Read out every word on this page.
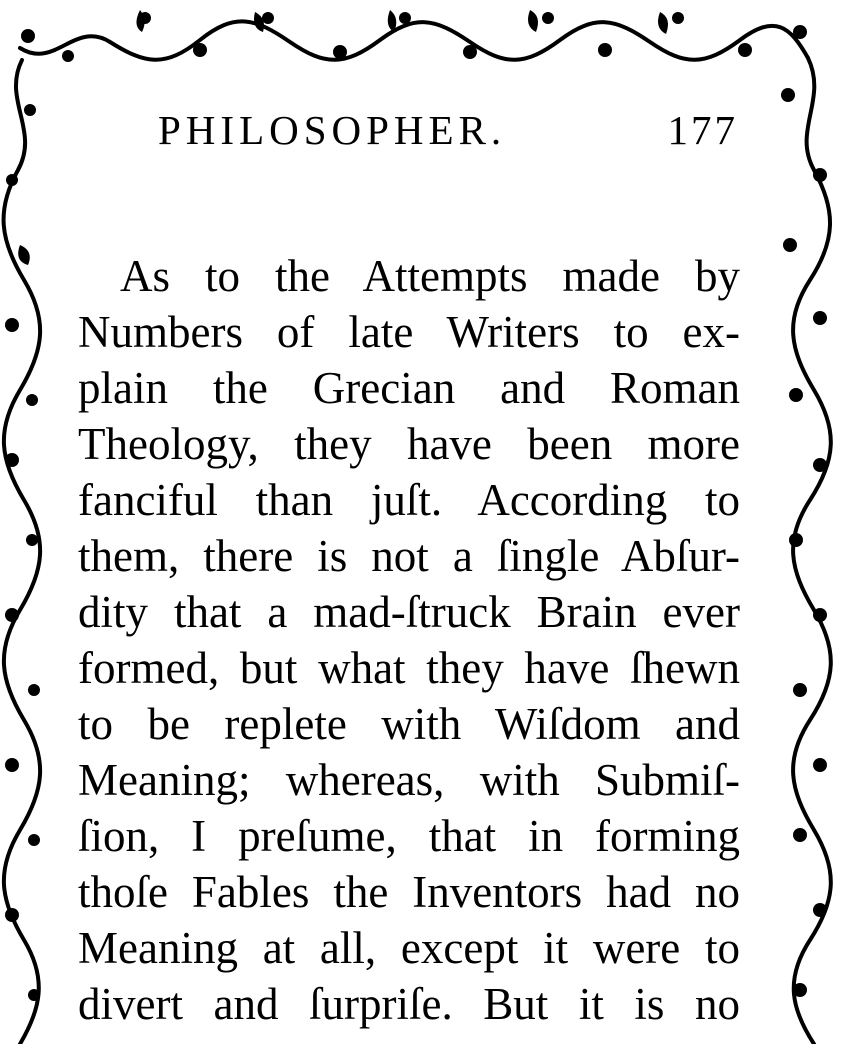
PHILOSOPHER.	177
As to the Attempts made by
Numbers of late Writers to ex-
plain the Grecian and Roman
Theology, they have been more
fanciful than juſt. According to
them, there is not a ſingle Abſur-
dity that a mad-ſtruck Brain ever
formed, but what they have ſhewn
to be replete with Wiſdom and
Meaning; whereas, with Submiſ-
ſion, I preſume, that in forming
thoſe Fables the Inventors had no
Meaning at all, except it were to
divert and ſurpriſe. But it is no
